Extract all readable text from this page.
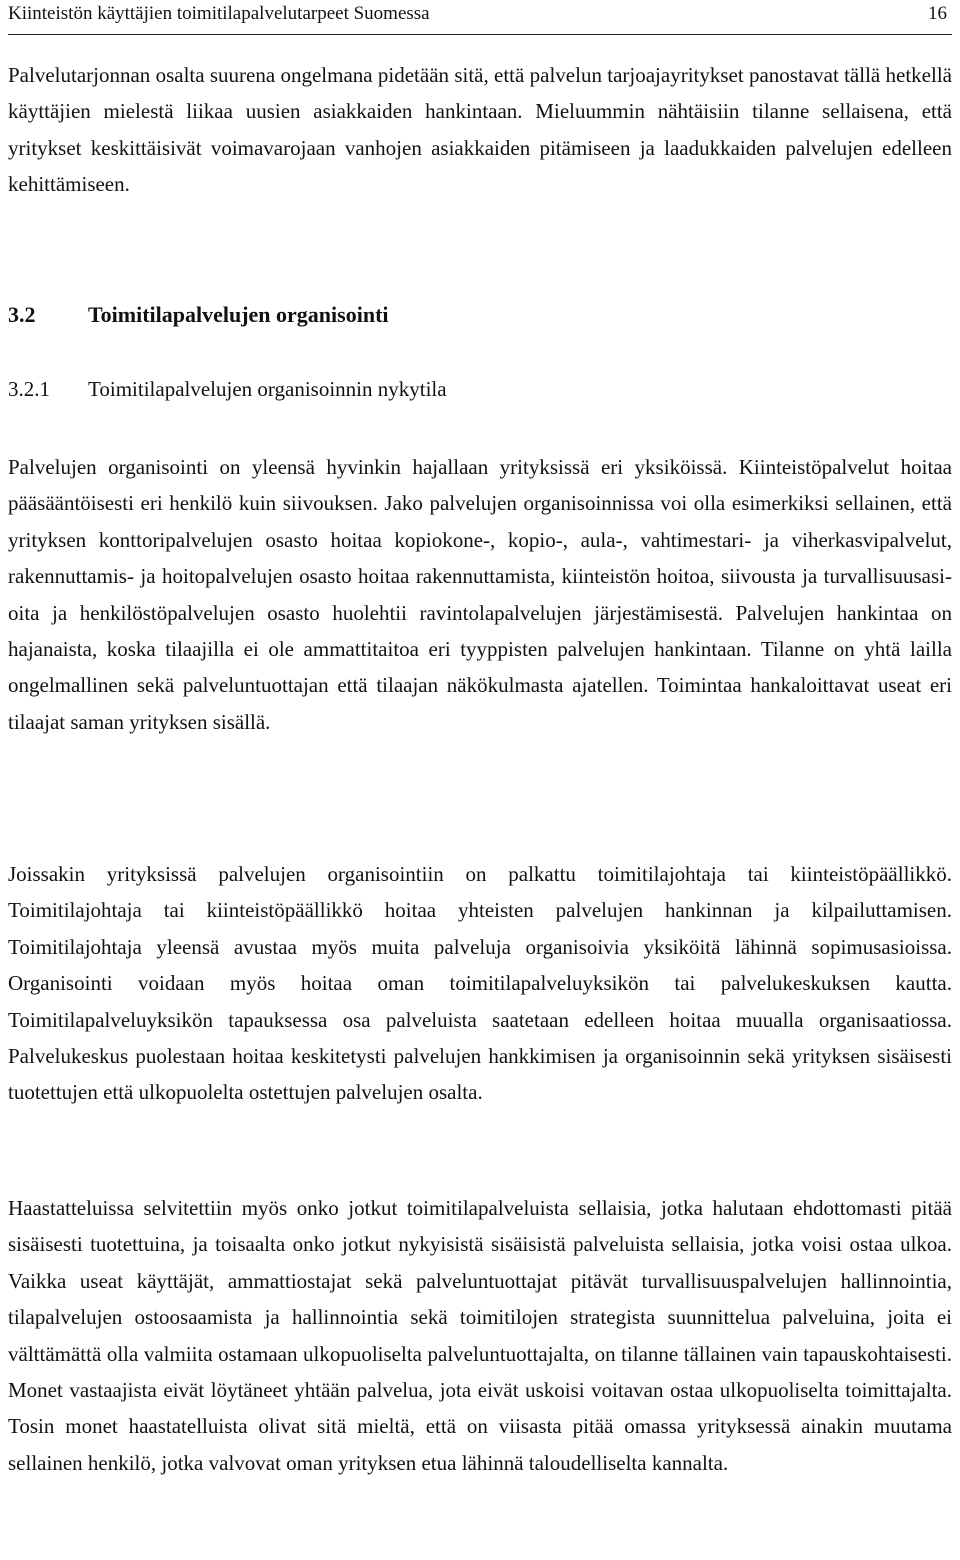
Kiinteistön käyttäjien toimitilapalvelutarpeet Suomessa	16

Palvelutarjonnan osalta suurena ongelmana pidetään sitä, että palvelun tarjoajayritykset panostavat tällä hetkellä käyttäjien mielestä liikaa uusien asiakkaiden hankintaan. Mieluummin nähtäisiin tilanne sellaisena, että yritykset keskittäisivät voimavarojaan vanhojen asiakkaiden pitämiseen ja laadukkaiden palvelujen edelleen kehittämiseen.

3.2 Toimitilapalvelujen organisointi
3.2.1 Toimitilapalvelujen organisoinnin nykytila

Palvelujen organisointi on yleensä hyvinkin hajallaan yrityksissä eri yksiköissä. Kiinteistöpalvelut hoitaa pääsääntöisesti eri henkilö kuin siivouksen. Jako palvelujen organisoinnissa voi olla esimerkiksi sellainen, että yrityksen konttoripalvelujen osasto hoitaa kopiokone-, kopio-, aula-, vahtimestari- ja viherkasvipalvelut, rakennuttamis- ja hoitopalvelujen osasto hoitaa rakennuttamista, kiinteistön hoitoa, siivousta ja turvallisuusasioita ja henkilöstöpalvelujen osasto huolehtii ravintolapalvelujen järjestämisestä. Palvelujen hankintaa on hajanaista, koska tilaajilla ei ole ammattitaitoa eri tyyppisten palvelujen hankintaan. Tilanne on yhtä lailla ongelmallinen sekä palveluntuottajan että tilaajan näkökulmasta ajatellen. Toimintaa hankaloittavat useat eri tilaajat saman yrityksen sisällä.

Joissakin yrityksissä palvelujen organisointiin on palkattu toimitilajohtaja tai kiinteistöpäällikkö. Toimitilajohtaja tai kiinteistöpäällikkö hoitaa yhteisten palvelujen hankinnan ja kilpailuttamisen. Toimitilajohtaja yleensä avustaa myös muita palveluja organisoivia yksiköitä lähinnä sopimusasioissa. Organisointi voidaan myös hoitaa oman toimitilapalveluyksikön tai palvelukeskuksen kautta. Toimitilapalveluyksikön tapauksessa osa palveluista saatetaan edelleen hoitaa muualla organisaatiossa. Palvelukeskus puolestaan hoitaa keskitetysti palvelujen hankkimisen ja organisoinnin sekä yrityksen sisäisesti tuotettujen että ulkopuolelta ostettujen palvelujen osalta.

Haastatteluissa selvitettiin myös onko jotkut toimitilapalveluista sellaisia, jotka halutaan ehdottomasti pitää sisäisesti tuotettuina, ja toisaalta onko jotkut nykyisistä sisäisistä palveluista sellaisia, jotka voisi ostaa ulkoa. Vaikka useat käyttäjät, ammattiostajat sekä palveluntuottajat pitävät turvallisuuspalvelujen hallinnointia, tilapalvelujen ostoosaamista ja hallinnointia sekä toimitilojen strategista suunnittelua palveluina, joita ei välttämättä olla valmiita ostamaan ulkopuoliselta palveluntuottajalta, on tilanne tällainen vain tapauskohtaisesti. Monet vastaajista eivät löytäneet yhtään palvelua, jota eivät uskoisi voitavan ostaa ulkopuoliselta toimittajalta. Tosin monet haastatelluista olivat sitä mieltä, että on viisasta pitää omassa yrityksessä ainakin muutama sellainen henkilö, jotka valvovat oman yrityksen etua lähinnä taloudelliselta kannalta.
